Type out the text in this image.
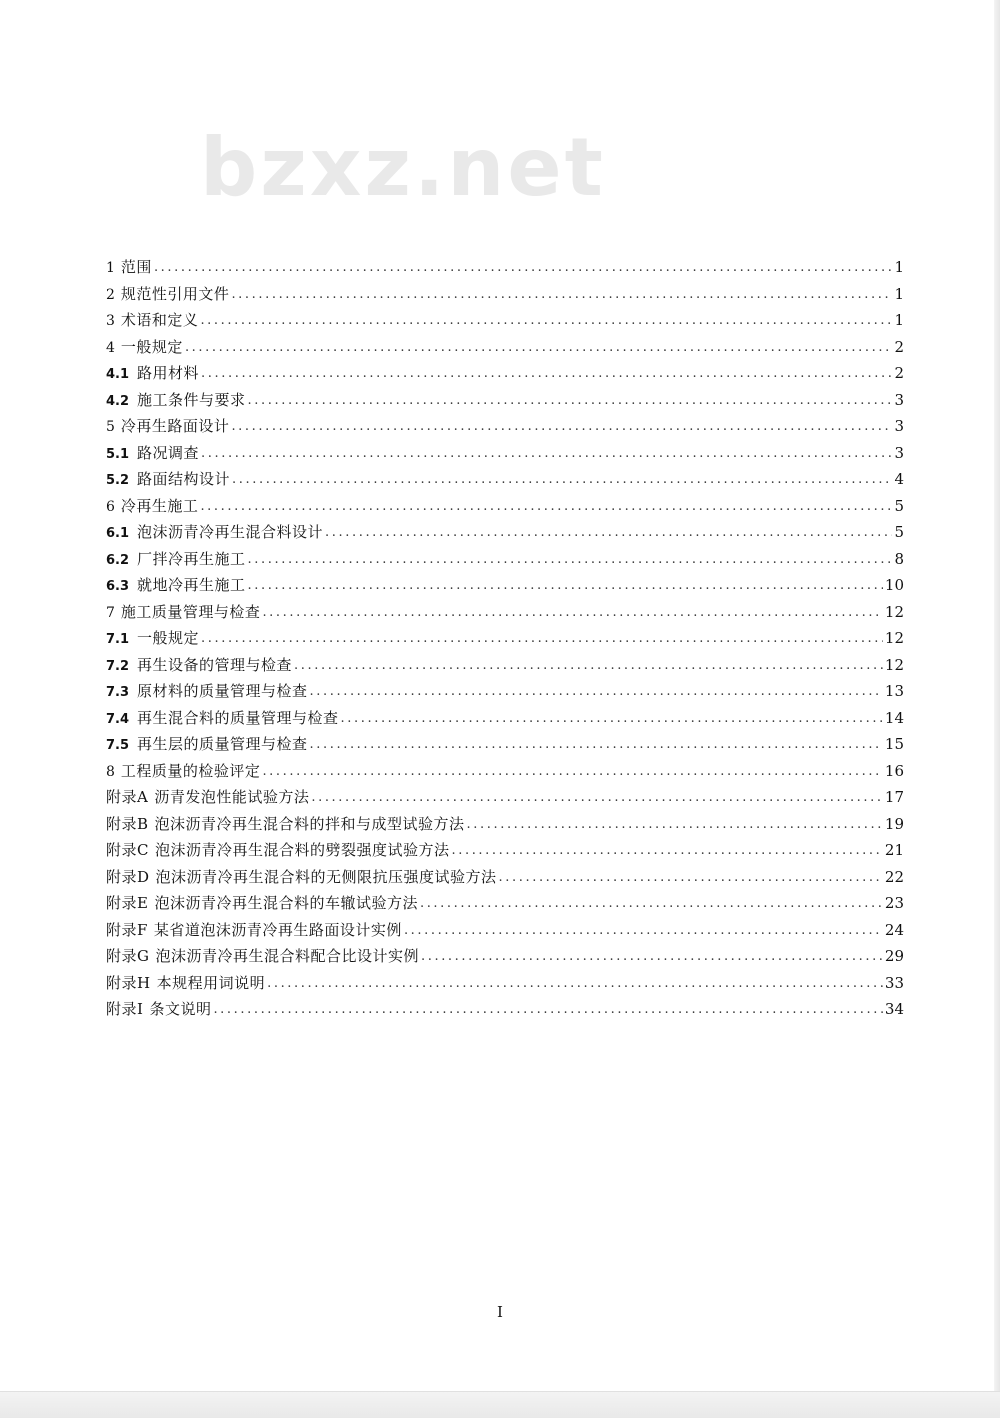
bzxz.net
1 范围 .....	1
2 规范性引用文件 .....	1
3 术语和定义 .....	1
4 一般规定 .....	2
4.1 路用材料 .....	2
4.2 施工条件与要求 .....	3
5 冷再生路面设计 .....	3
5.1 路况调查 .....	3
5.2 路面结构设计 .....	4
6 冷再生施工 .....	5
6.1 泡沫沥青冷再生混合料设计 .....	5
6.2 厂拌冷再生施工 .....	8
6.3 就地冷再生施工 .....	10
7 施工质量管理与检查 .....	12
7.1 一般规定 .....	12
7.2 再生设备的管理与检查 .....	12
7.3 原材料的质量管理与检查 .....	13
7.4 再生混合料的质量管理与检查 .....	14
7.5 再生层的质量管理与检查 .....	15
8 工程质量的检验评定 .....	16
附录A 沥青发泡性能试验方法 .....	17
附录B 泡沫沥青冷再生混合料的拌和与成型试验方法 .....	19
附录C 泡沫沥青冷再生混合料的劈裂强度试验方法 .....	21
附录D 泡沫沥青冷再生混合料的无侧限抗压强度试验方法 .....	22
附录E 泡沫沥青冷再生混合料的车辙试验方法 .....	23
附录F 某省道泡沫沥青冷再生路面设计实例 .....	24
附录G 泡沫沥青冷再生混合料配合比设计实例 .....	29
附录H 本规程用词说明 .....	33
附录I 条文说明 .....	34
I
